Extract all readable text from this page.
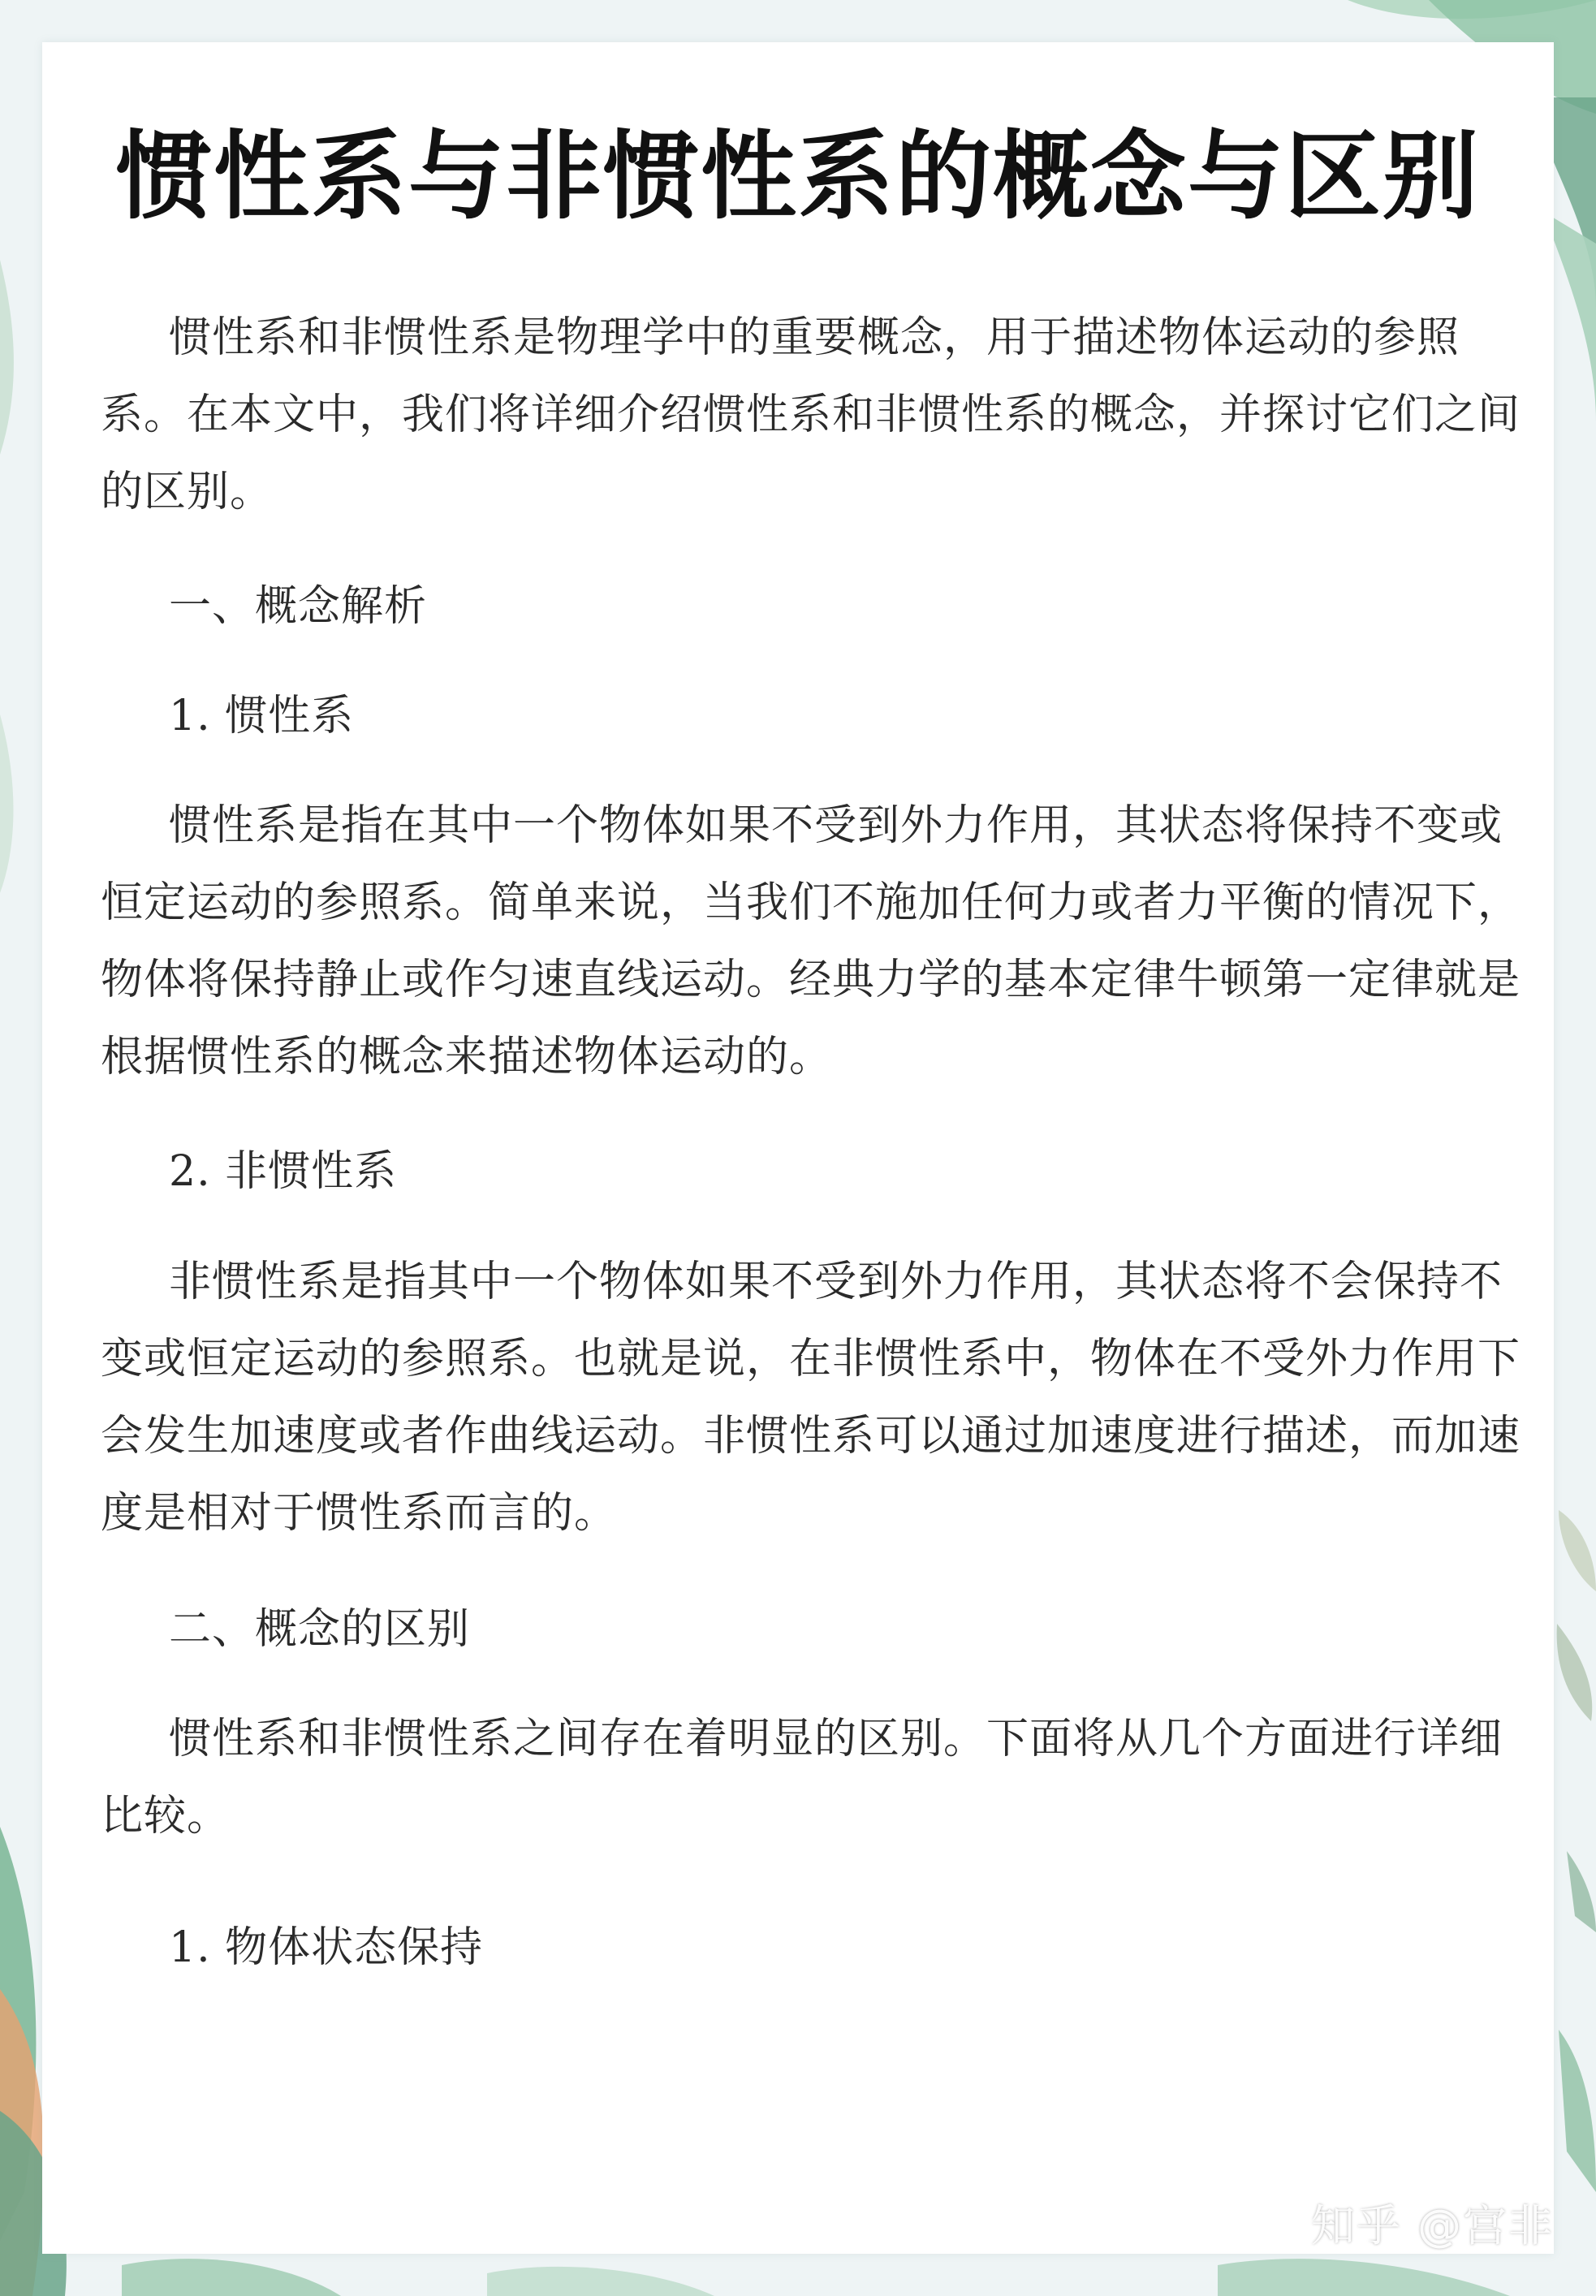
惯性系与非惯性系的概念与区别

惯性系和非惯性系是物理学中的重要概念，用于描述物体运动的参照系。在本文中，我们将详细介绍惯性系和非惯性系的概念，并探讨它们之间的区别。

一、概念解析
1. 惯性系

惯性系是指在其中一个物体如果不受到外力作用，其状态将保持不变或恒定运动的参照系。简单来说，当我们不施加任何力或者力平衡的情况下，物体将保持静止或作匀速直线运动。经典力学的基本定律牛顿第一定律就是根据惯性系的概念来描述物体运动的。

2. 非惯性系

非惯性系是指其中一个物体如果不受到外力作用，其状态将不会保持不变或恒定运动的参照系。也就是说，在非惯性系中，物体在不受外力作用下会发生加速度或者作曲线运动。非惯性系可以通过加速度进行描述，而加速度是相对于惯性系而言的。

二、概念的区别

惯性系和非惯性系之间存在着明显的区别。下面将从几个方面进行详细比较。

1. 物体状态保持
知乎 @宫非
